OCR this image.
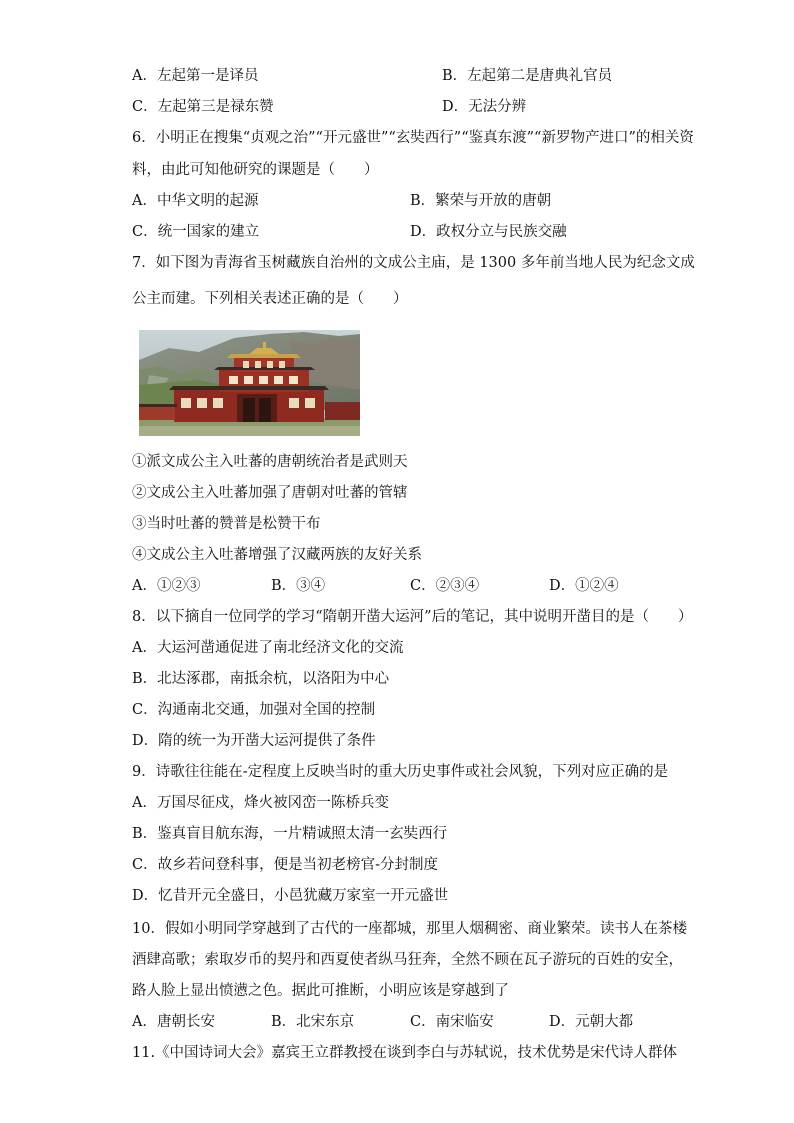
A．左起第一是译员	B．左起第二是唐典礼官员
C．左起第三是禄东赞	D．无法分辨
6．小明正在搜集“贞观之治”“开元盛世”“玄奘西行”“鉴真东渡”“新罗物产进口”的相关资
料，由此可知他研究的课题是（　　）
A．中华文明的起源	B．繁荣与开放的唐朝
C．统一国家的建立	D．政权分立与民族交融
7．如下图为青海省玉树藏族自治州的文成公主庙，是 1300 多年前当地人民为纪念文成
公主而建。下列相关表述正确的是（　　）
①派文成公主入吐蕃的唐朝统治者是武则天
②文成公主入吐蕃加强了唐朝对吐蕃的管辖
③当时吐蕃的赞普是松赞干布
④文成公主入吐蕃增强了汉藏两族的友好关系
A．①②③	B．③④	C．②③④	D．①②④
8．以下摘自一位同学的学习“隋朝开凿大运河”后的笔记，其中说明开凿目的是（　　）
A．大运河凿通促进了南北经济文化的交流
B．北达涿郡，南抵余杭，以洛阳为中心
C．沟通南北交通，加强对全国的控制
D．隋的统一为开凿大运河提供了条件
9．诗歌往往能在-定程度上反映当时的重大历史事件或社会风貌，下列对应正确的是
A．万国尽征戍，烽火被冈峦一陈桥兵变
B．鉴真盲目航东海，一片精诚照太清一玄奘西行
C．故乡若问登科事，便是当初老榜官-分封制度
D．忆昔开元全盛日，小邑犹藏万家室一开元盛世
10．假如小明同学穿越到了古代的一座都城，那里人烟稠密、商业繁荣。读书人在茶楼
酒肆高歌；索取岁币的契丹和西夏使者纵马狂奔，全然不顾在瓦子游玩的百姓的安全，
路人脸上显出愤懑之色。据此可推断，小明应该是穿越到了
A．唐朝长安	B．北宋东京	C．南宋临安	D．元朝大都
11.《中国诗词大会》嘉宾王立群教授在谈到李白与苏轼说，技术优势是宋代诗人群体
